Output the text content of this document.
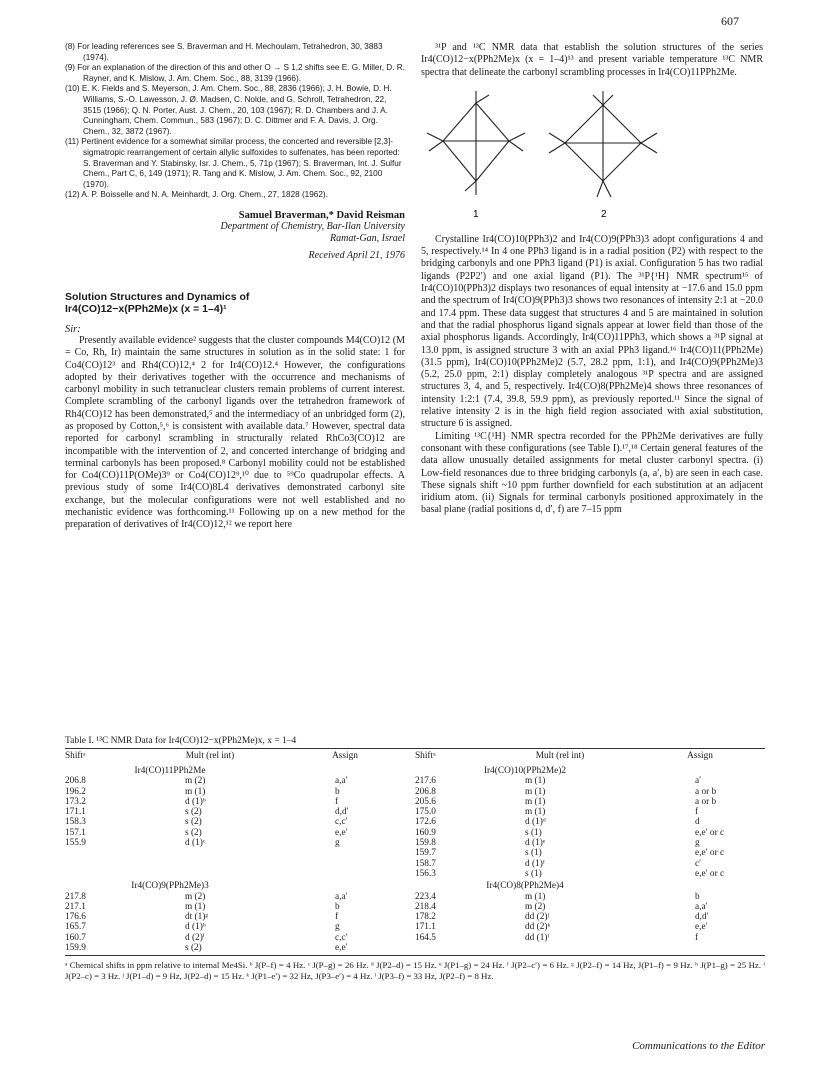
607
(8) For leading references see S. Braverman and H. Mechoulam, Tetrahedron, 30, 3883 (1974).
(9) For an explanation of the direction of this and other O → S 1,2 shifts see E. G. Miller, D. R. Rayner, and K. Mislow, J. Am. Chem. Soc., 88, 3139 (1966).
(10) E. K. Fields and S. Meyerson, J. Am. Chem. Soc., 88, 2836 (1966); J. H. Bowie, D. H. Williams, S.-O. Lawesson, J. Ø. Madsen, C. Nolde, and G. Schroll, Tetrahedron, 22, 3515 (1966); Q. N. Porter, Aust. J. Chem., 20, 103 (1967); R. D. Chambers and J. A. Cunningham, Chem. Commun., 583 (1967); D. C. Dittmer and F. A. Davis, J. Org. Chem., 32, 3872 (1967).
(11) Pertinent evidence for a somewhat similar process, the concerted and reversible [2,3]-sigmatropic rearrangement of certain allylic sulfoxides to sulfenates, has been reported: S. Braverman and Y. Stabinsky, Isr. J. Chem., 5, 71p (1967); S. Braverman, Int. J. Sulfur Chem., Part C, 6, 149 (1971); R. Tang and K. Mislow, J. Am. Chem. Soc., 92, 2100 (1970).
(12) A. P. Boisselle and N. A. Meinhardt, J. Org. Chem., 27, 1828 (1962).
Samuel Braverman,* David Reisman
Department of Chemistry, Bar-Ilan University
Ramat-Gan, Israel
Received April 21, 1976
Solution Structures and Dynamics of
Ir4(CO)12−x(PPh2Me)x (x = 1–4)¹
Sir:

Presently available evidence² suggests that the cluster compounds M4(CO)12 (M = Co, Rh, Ir) maintain the same structures in solution as in the solid state: 1 for Co4(CO)12³ and Rh4(CO)12,⁴ 2 for Ir4(CO)12.⁴ However, the configurations adopted by their derivatives together with the occurrence and mechanisms of carbonyl mobility in such tetranuclear clusters remain problems of current interest. Complete scrambling of the carbonyl ligands over the tetrahedron framework of Rh4(CO)12 has been demonstrated,⁵ and the intermediacy of an unbridged form (2), as proposed by Cotton,⁵,⁶ is consistent with available data.⁷ However, spectral data reported for carbonyl scrambling in structurally related RhCo3(CO)12 are incompatible with the intervention of 2, and concerted interchange of bridging and terminal carbonyls has been proposed.⁸ Carbonyl mobility could not be established for Co4(CO)11P(OMe)3⁹ or Co4(CO)12⁹,¹⁰ due to ⁵⁹Co quadrupolar effects. A previous study of some Ir4(CO)8L4 derivatives demonstrated carbonyl site exchange, but the molecular configurations were not well established and no mechanistic evidence was forthcoming.¹¹ Following up on a new method for the preparation of derivatives of Ir4(CO)12,¹² we report here

³¹P and ¹³C NMR data that establish the solution structures of the series Ir4(CO)12−x(PPh2Me)x (x = 1–4)¹³ and present variable temperature ¹³C NMR spectra that delineate the carbonyl scrambling processes in Ir4(CO)11PPh2Me.

1	2

Crystalline Ir4(CO)10(PPh3)2 and Ir4(CO)9(PPh3)3 adopt configurations 4 and 5, respectively.¹⁴ In 4 one PPh3 ligand is in a radial position (P2) with respect to the bridging carbonyls and one PPh3 ligand (P1) is axial. Configuration 5 has two radial ligands (P2P2′) and one axial ligand (P1). The ³¹P{¹H} NMR spectrum¹⁵ of Ir4(CO)10(PPh3)2 displays two resonances of equal intensity at −17.6 and 15.0 ppm and the spectrum of Ir4(CO)9(PPh3)3 shows two resonances of intensity 2:1 at −20.0 and 17.4 ppm. These data suggest that structures 4 and 5 are maintained in solution and that the radial phosphorus ligand signals appear at lower field than those of the axial phosphorus ligands. Accordingly, Ir4(CO)11PPh3, which shows a ³¹P signal at 13.0 ppm, is assigned structure 3 with an axial PPh3 ligand.¹⁶ Ir4(CO)11(PPh2Me) (31.5 ppm), Ir4(CO)10(PPh2Me)2 (5.7, 28.2 ppm, 1:1), and Ir4(CO)9(PPh2Me)3 (5.2, 25.0 ppm, 2:1) display completely analogous ³¹P spectra and are assigned structures 3, 4, and 5, respectively. Ir4(CO)8(PPh2Me)4 shows three resonances of intensity 1:2:1 (7.4, 39.8, 59.9 ppm), as previously reported.¹¹ Since the signal of relative intensity 2 is in the high field region associated with axial substitution, structure 6 is assigned.

Limiting ¹³C{¹H} NMR spectra recorded for the PPh2Me derivatives are fully consonant with these configurations (see Table I).¹⁷,¹⁸ Certain general features of the data allow unusually detailed assignments for metal cluster carbonyl spectra. (i) Low-field resonances due to three bridging carbonyls (a, a′, b) are seen in each case. These signals shift ~10 ppm further downfield for each substitution at an adjacent iridium atom. (ii) Signals for terminal carbonyls positioned approximately in the basal plane (radial positions d, d′, f) are 7–15 ppm

Table I. ¹³C NMR Data for Ir4(CO)12−x(PPh2Me)x, x = 1–4
Shiftᵃ	Mult (rel int)	Assign	Shiftᵃ	Mult (rel int)	Assign
Ir4(CO)11PPh2Me			Ir4(CO)10(PPh2Me)2		
206.8	m (2)	a,a′	217.6	m (1)	a′
196.2	m (1)	b	206.8	m (1)	a or b
173.2	d (1)ᵇ	f	205.6	m (1)	a or b
171.1	s (2)	d,d′	175.0	m (1)	f
158.3	s (2)	c,c′	172.6	d (1)ᵈ	d
157.1	s (2)	e,e′	160.9	s (1)	e,e′ or c
155.9	d (1)ᶜ	g	159.8	d (1)ᵉ	g
			159.7	s (1)	e,e′ or c
			158.7	d (1)ᶠ	c′
			156.3	s (1)	e,e′ or c
Ir4(CO)9(PPh2Me)3			Ir4(CO)8(PPh2Me)4		
217.8	m (2)	a,a′	223.4	m (1)	b
217.1	m (1)	b	218.4	m (2)	a,a′
176.6	dt (1)ᵍ	f	178.2	dd (2)ʲ	d,d′
165.7	d (1)ʰ	g	171.1	dd (2)ᵏ	e,e′
160.7	d (2)ⁱ	c,c′	164.5	dd (1)ˡ	f
159.9	s (2)	e,e′			
ᵃ Chemical shifts in ppm relative to internal Me4Si. ᵇ J(P–f) = 4 Hz. ᶜ J(P–g) = 26 Hz. ᵈ J(P2–d) = 15 Hz. ᵉ J(P1–g) = 24 Hz. ᶠ J(P2–c′) = 6 Hz. ᵍ J(P2–f) = 14 Hz, J(P1–f) = 9 Hz. ʰ J(P1–g) = 25 Hz. ⁱ J(P2–c) = 3 Hz. ʲ J(P1–d) = 9 Hz, J(P2–d) = 15 Hz. ᵏ J(P1–e′) = 32 Hz, J(P3–e′) = 4 Hz. ˡ J(P3–f) = 33 Hz, J(P2–f) = 8 Hz.
Communications to the Editor
